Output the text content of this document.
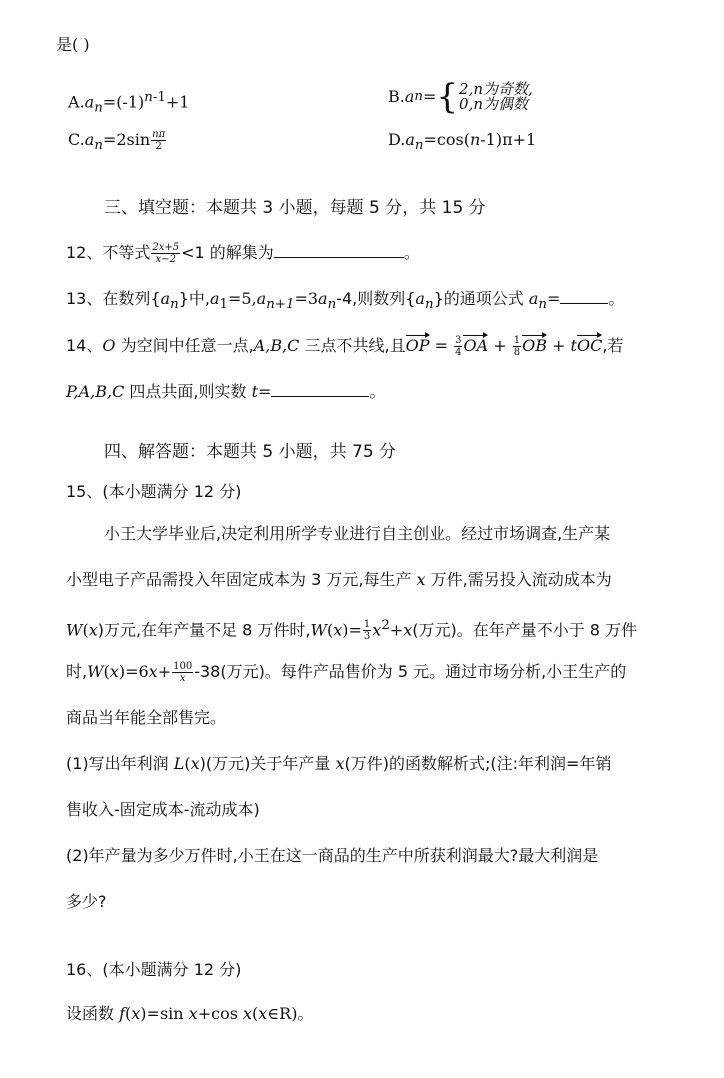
是( )
$A.a_n=(-1)^{n-1}+1$	B. a n = { 2,n为奇数,
0,n为偶数
$C.a_n=2\sin \frac{n\pi}{2}$	$D.a_n=\cos(n-1)\pi+1$
三、填空题：本题共 3 小题，每题 5 分，共 15 分
12、不等式 $\frac{2x+5}{x-2} <1$ 的解集为	。
13、在数列$\{a_n\}$中$,a_1=5,a_{n+1}=3a_n-4$,则数列$\{a_n\}$的通项公式 $a_n=$	。
14、O 为空间中任意一点,A,B,C 三点不共线,且OP = $\frac{3}{4}$ OA + $\frac{1}{8}$ OB + tOC,若
P,A,B,C 四点共面,则实数 t=	。
四、解答题：本题共 5 小题，共 75 分
15、(本小题满分 12 分)
小王大学毕业后,决定利用所学专业进行自主创业。经过市场调查,生产某
小型电子产品需投入年固定成本为 3 万元,每生产 x 万件,需另投入流动成本为
W(x)万元,在年产量不足 8 万件时$,W(x)= \frac{1}{3} x^2+x$(万元)。在年产量不小于 8 万件
时$,W(x)=6x+ \frac{100}{x} -38$(万元)。每件产品售价为 5 元。通过市场分析,小王生产的
商品当年能全部售完。
(1)写出年利润 L(x)(万元)关于年产量 x(万件)的函数解析式;(注:年利润=年销
售收入-固定成本-流动成本)
(2)年产量为多少万件时,小王在这一商品的生产中所获利润最大?最大利润是
多少?
16、(本小题满分 12 分)
设函数 f(x)=sin x+cos x(x∈R)。
